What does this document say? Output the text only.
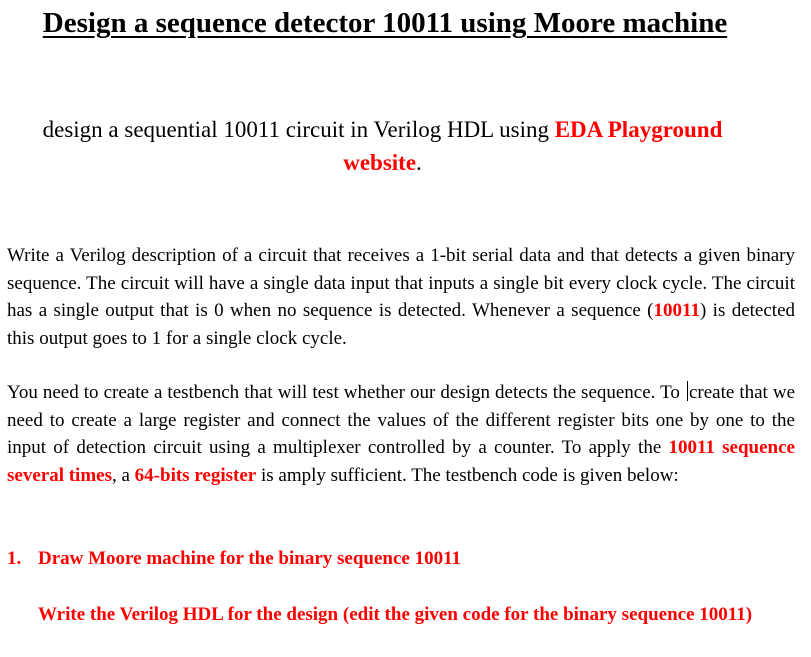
Design a sequence detector 10011 using Moore machine
design a sequential 10011 circuit in Verilog HDL using EDA Playground website.

Write a Verilog description of a circuit that receives a 1-bit serial data and that detects a given binary sequence. The circuit will have a single data input that inputs a single bit every clock cycle. The circuit has a single output that is 0 when no sequence is detected. Whenever a sequence (10011) is detected this output goes to 1 for a single clock cycle.

You need to create a testbench that will test whether our design detects the sequence. To create that we need to create a large register and connect the values of the different register bits one by one to the input of detection circuit using a multiplexer controlled by a counter. To apply the 10011 sequence several times, a 64-bits register is amply sufficient. The testbench code is given below:

1. Draw Moore machine for the binary sequence 10011

Write the Verilog HDL for the design (edit the given code for the binary sequence 10011)
